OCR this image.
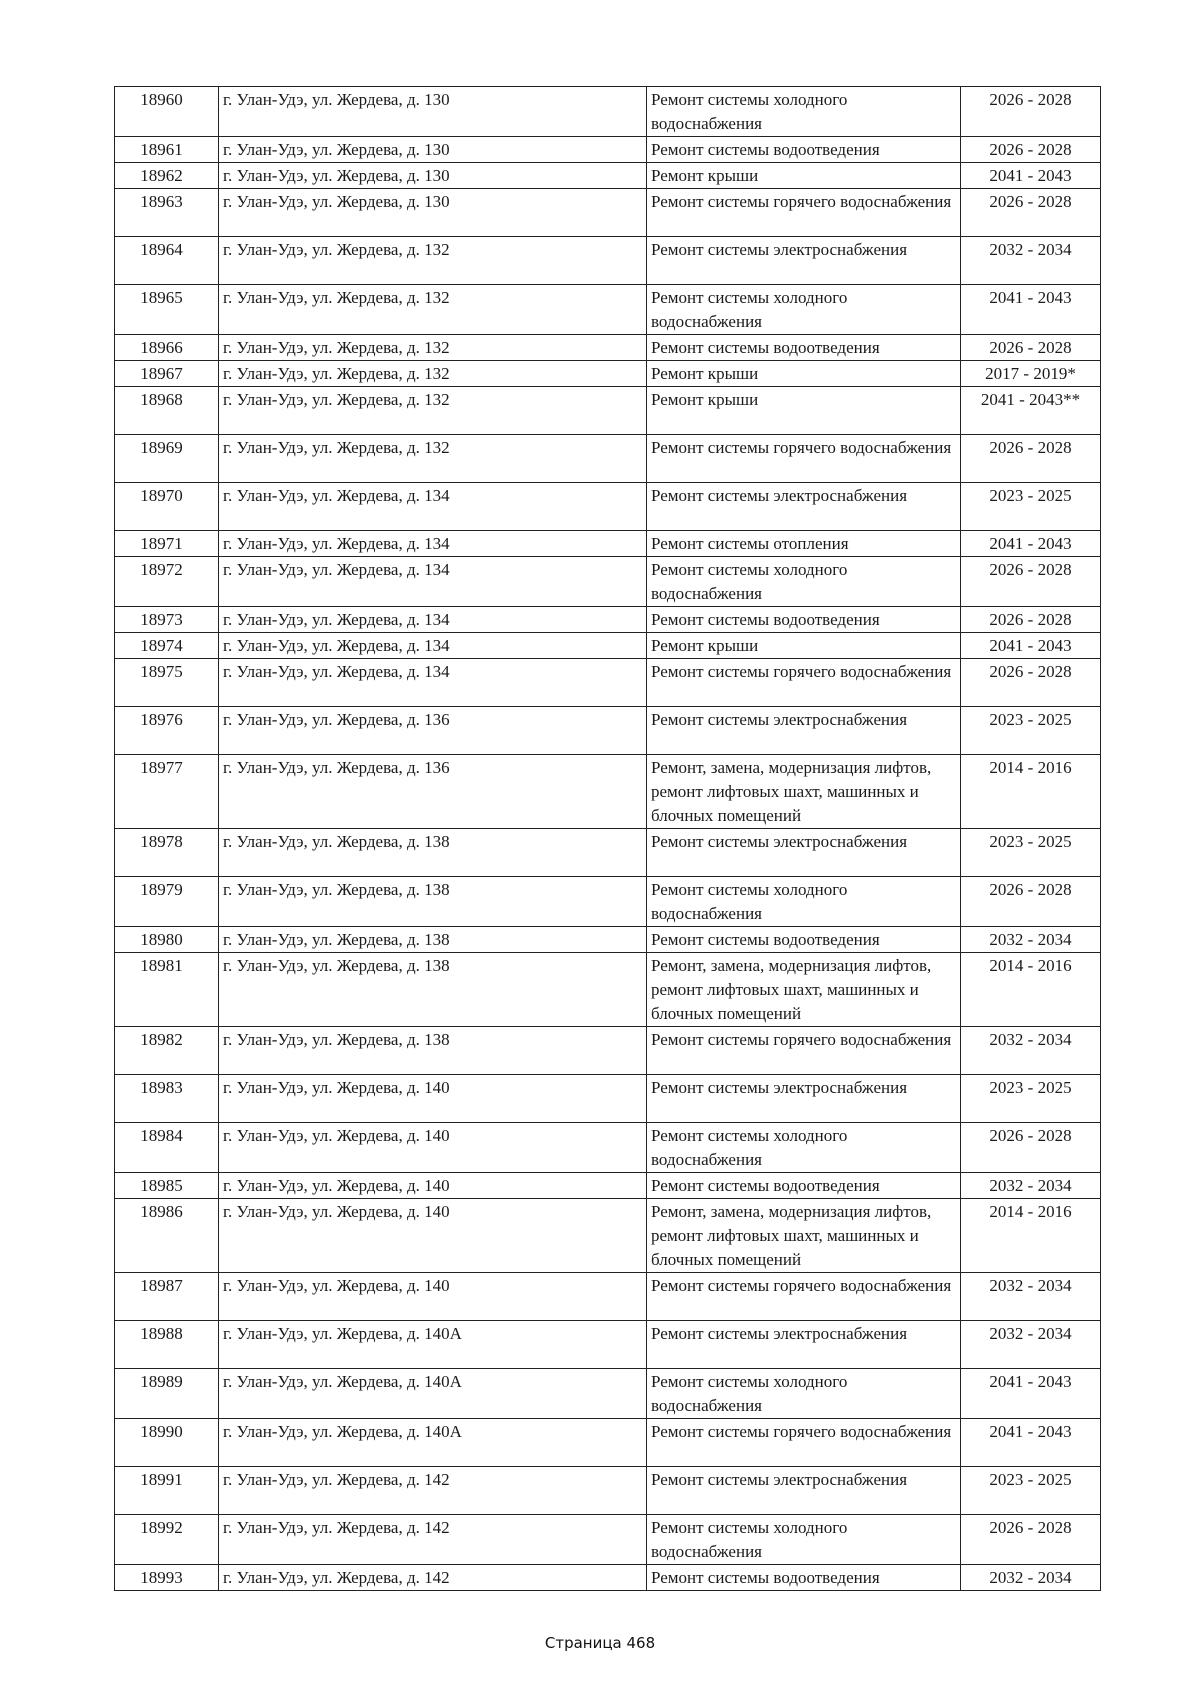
18960	г. Улан-Удэ, ул. Жердева, д. 130	Ремонт системы холодного водоснабжения	2026 - 2028
18961	г. Улан-Удэ, ул. Жердева, д. 130	Ремонт системы водоотведения	2026 - 2028
18962	г. Улан-Удэ, ул. Жердева, д. 130	Ремонт крыши	2041 - 2043
18963	г. Улан-Удэ, ул. Жердева, д. 130	Ремонт системы горячего водоснабжения	2026 - 2028
18964	г. Улан-Удэ, ул. Жердева, д. 132	Ремонт системы электроснабжения	2032 - 2034
18965	г. Улан-Удэ, ул. Жердева, д. 132	Ремонт системы холодного водоснабжения	2041 - 2043
18966	г. Улан-Удэ, ул. Жердева, д. 132	Ремонт системы водоотведения	2026 - 2028
18967	г. Улан-Удэ, ул. Жердева, д. 132	Ремонт крыши	2017 - 2019*
18968	г. Улан-Удэ, ул. Жердева, д. 132	Ремонт крыши	2041 - 2043**
18969	г. Улан-Удэ, ул. Жердева, д. 132	Ремонт системы горячего водоснабжения	2026 - 2028
18970	г. Улан-Удэ, ул. Жердева, д. 134	Ремонт системы электроснабжения	2023 - 2025
18971	г. Улан-Удэ, ул. Жердева, д. 134	Ремонт системы отопления	2041 - 2043
18972	г. Улан-Удэ, ул. Жердева, д. 134	Ремонт системы холодного водоснабжения	2026 - 2028
18973	г. Улан-Удэ, ул. Жердева, д. 134	Ремонт системы водоотведения	2026 - 2028
18974	г. Улан-Удэ, ул. Жердева, д. 134	Ремонт крыши	2041 - 2043
18975	г. Улан-Удэ, ул. Жердева, д. 134	Ремонт системы горячего водоснабжения	2026 - 2028
18976	г. Улан-Удэ, ул. Жердева, д. 136	Ремонт системы электроснабжения	2023 - 2025
18977	г. Улан-Удэ, ул. Жердева, д. 136	Ремонт, замена, модернизация лифтов, ремонт лифтовых шахт, машинных и блочных помещений	2014 - 2016
18978	г. Улан-Удэ, ул. Жердева, д. 138	Ремонт системы электроснабжения	2023 - 2025
18979	г. Улан-Удэ, ул. Жердева, д. 138	Ремонт системы холодного водоснабжения	2026 - 2028
18980	г. Улан-Удэ, ул. Жердева, д. 138	Ремонт системы водоотведения	2032 - 2034
18981	г. Улан-Удэ, ул. Жердева, д. 138	Ремонт, замена, модернизация лифтов, ремонт лифтовых шахт, машинных и блочных помещений	2014 - 2016
18982	г. Улан-Удэ, ул. Жердева, д. 138	Ремонт системы горячего водоснабжения	2032 - 2034
18983	г. Улан-Удэ, ул. Жердева, д. 140	Ремонт системы электроснабжения	2023 - 2025
18984	г. Улан-Удэ, ул. Жердева, д. 140	Ремонт системы холодного водоснабжения	2026 - 2028
18985	г. Улан-Удэ, ул. Жердева, д. 140	Ремонт системы водоотведения	2032 - 2034
18986	г. Улан-Удэ, ул. Жердева, д. 140	Ремонт, замена, модернизация лифтов, ремонт лифтовых шахт, машинных и блочных помещений	2014 - 2016
18987	г. Улан-Удэ, ул. Жердева, д. 140	Ремонт системы горячего водоснабжения	2032 - 2034
18988	г. Улан-Удэ, ул. Жердева, д. 140А	Ремонт системы электроснабжения	2032 - 2034
18989	г. Улан-Удэ, ул. Жердева, д. 140А	Ремонт системы холодного водоснабжения	2041 - 2043
18990	г. Улан-Удэ, ул. Жердева, д. 140А	Ремонт системы горячего водоснабжения	2041 - 2043
18991	г. Улан-Удэ, ул. Жердева, д. 142	Ремонт системы электроснабжения	2023 - 2025
18992	г. Улан-Удэ, ул. Жердева, д. 142	Ремонт системы холодного водоснабжения	2026 - 2028
18993	г. Улан-Удэ, ул. Жердева, д. 142	Ремонт системы водоотведения	2032 - 2034
Страница 468
